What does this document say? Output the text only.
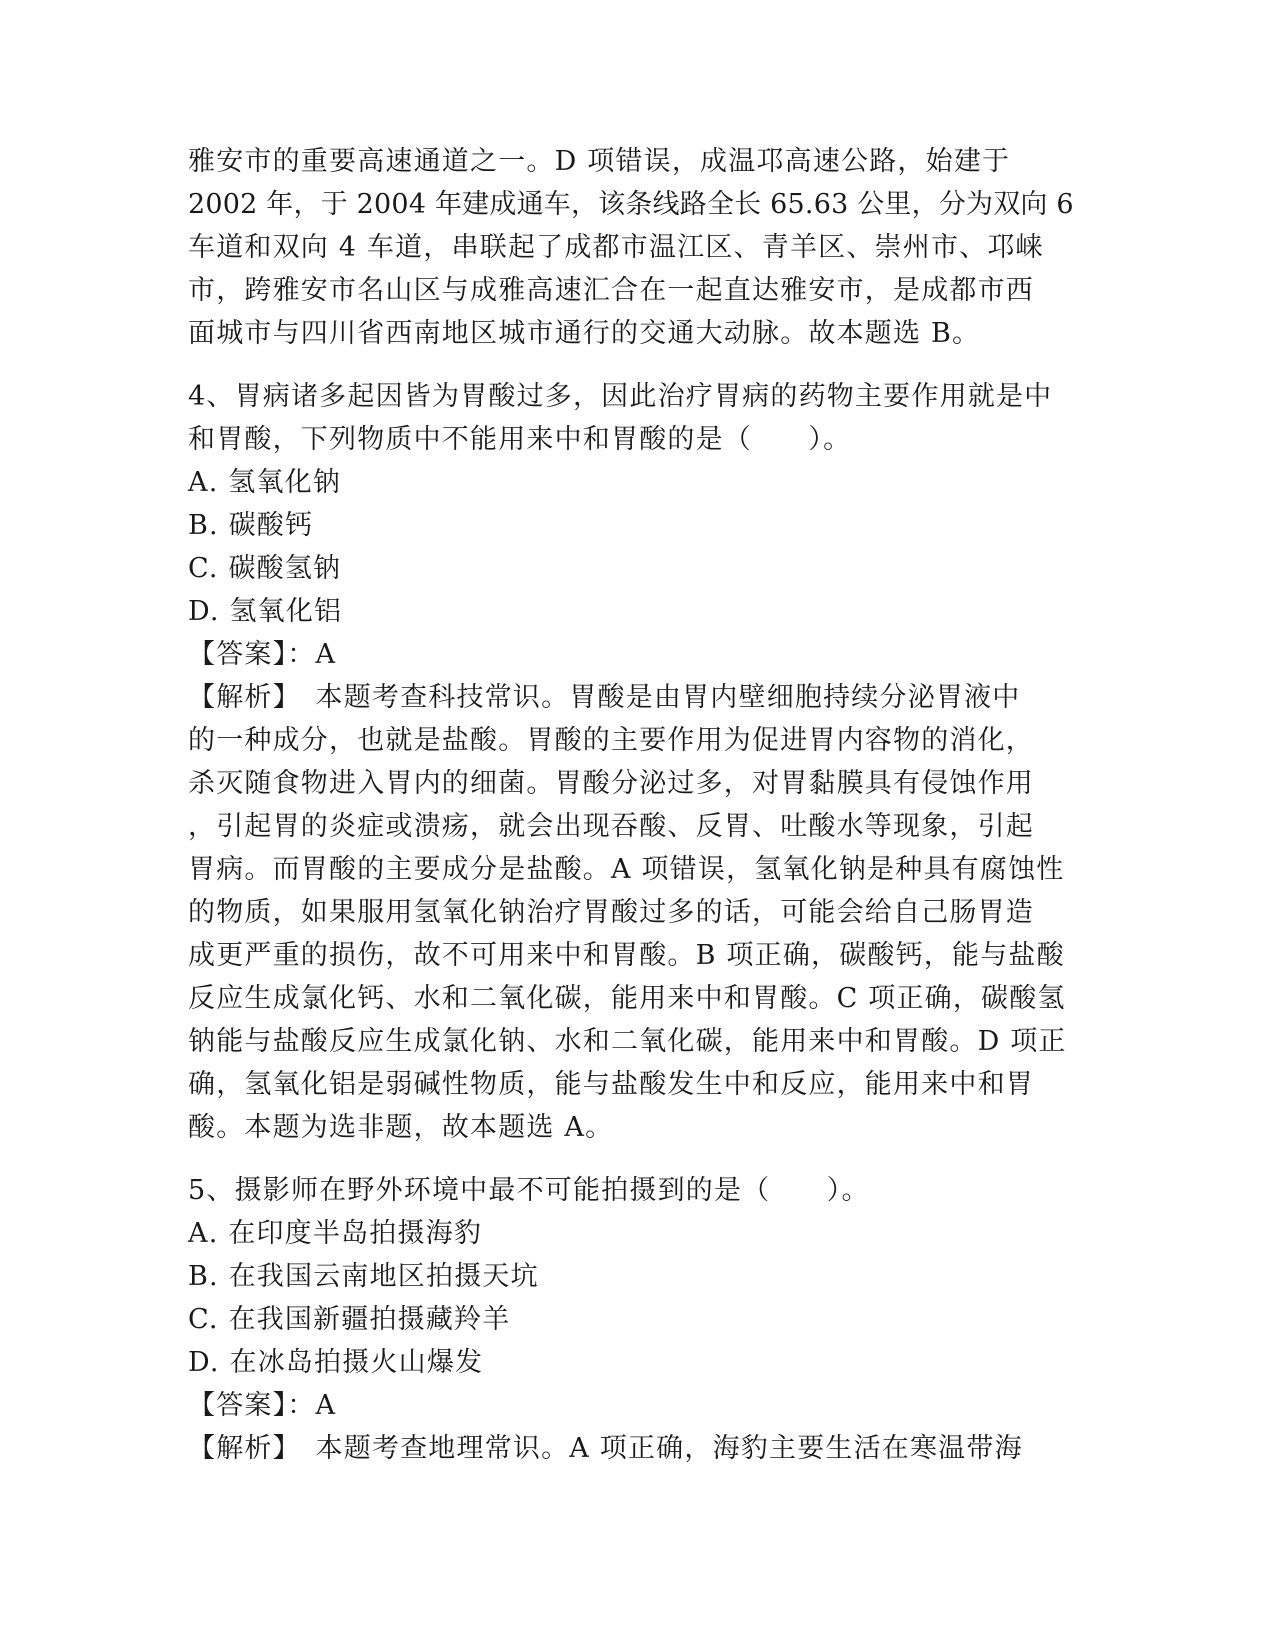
雅安市的重要高速通道之一。D 项错误，成温邛高速公路，始建于
2002 年，于 2004 年建成通车，该条线路全长 65.63 公里，分为双向 6
车道和双向 4 车道，串联起了成都市温江区、青羊区、崇州市、邛崃
市，跨雅安市名山区与成雅高速汇合在一起直达雅安市，是成都市西
面城市与四川省西南地区城市通行的交通大动脉。故本题选 B。
4、胃病诸多起因皆为胃酸过多，因此治疗胃病的药物主要作用就是中
和胃酸，下列物质中不能用来中和胃酸的是（　　）。
A. 氢氧化钠
B. 碳酸钙
C. 碳酸氢钠
D. 氢氧化铝
【答案】：A
【解析】　本题考查科技常识。胃酸是由胃内壁细胞持续分泌胃液中
的一种成分，也就是盐酸。胃酸的主要作用为促进胃内容物的消化，
杀灭随食物进入胃内的细菌。胃酸分泌过多，对胃黏膜具有侵蚀作用
，引起胃的炎症或溃疡，就会出现吞酸、反胃、吐酸水等现象，引起
胃病。而胃酸的主要成分是盐酸。A 项错误，氢氧化钠是种具有腐蚀性
的物质，如果服用氢氧化钠治疗胃酸过多的话，可能会给自己肠胃造
成更严重的损伤，故不可用来中和胃酸。B 项正确，碳酸钙，能与盐酸
反应生成氯化钙、水和二氧化碳，能用来中和胃酸。C 项正确，碳酸氢
钠能与盐酸反应生成氯化钠、水和二氧化碳，能用来中和胃酸。D 项正
确，氢氧化铝是弱碱性物质，能与盐酸发生中和反应，能用来中和胃
酸。本题为选非题，故本题选 A。
5、摄影师在野外环境中最不可能拍摄到的是（　　）。
A. 在印度半岛拍摄海豹
B. 在我国云南地区拍摄天坑
C. 在我国新疆拍摄藏羚羊
D. 在冰岛拍摄火山爆发
【答案】：A
【解析】　本题考查地理常识。A 项正确，海豹主要生活在寒温带海
